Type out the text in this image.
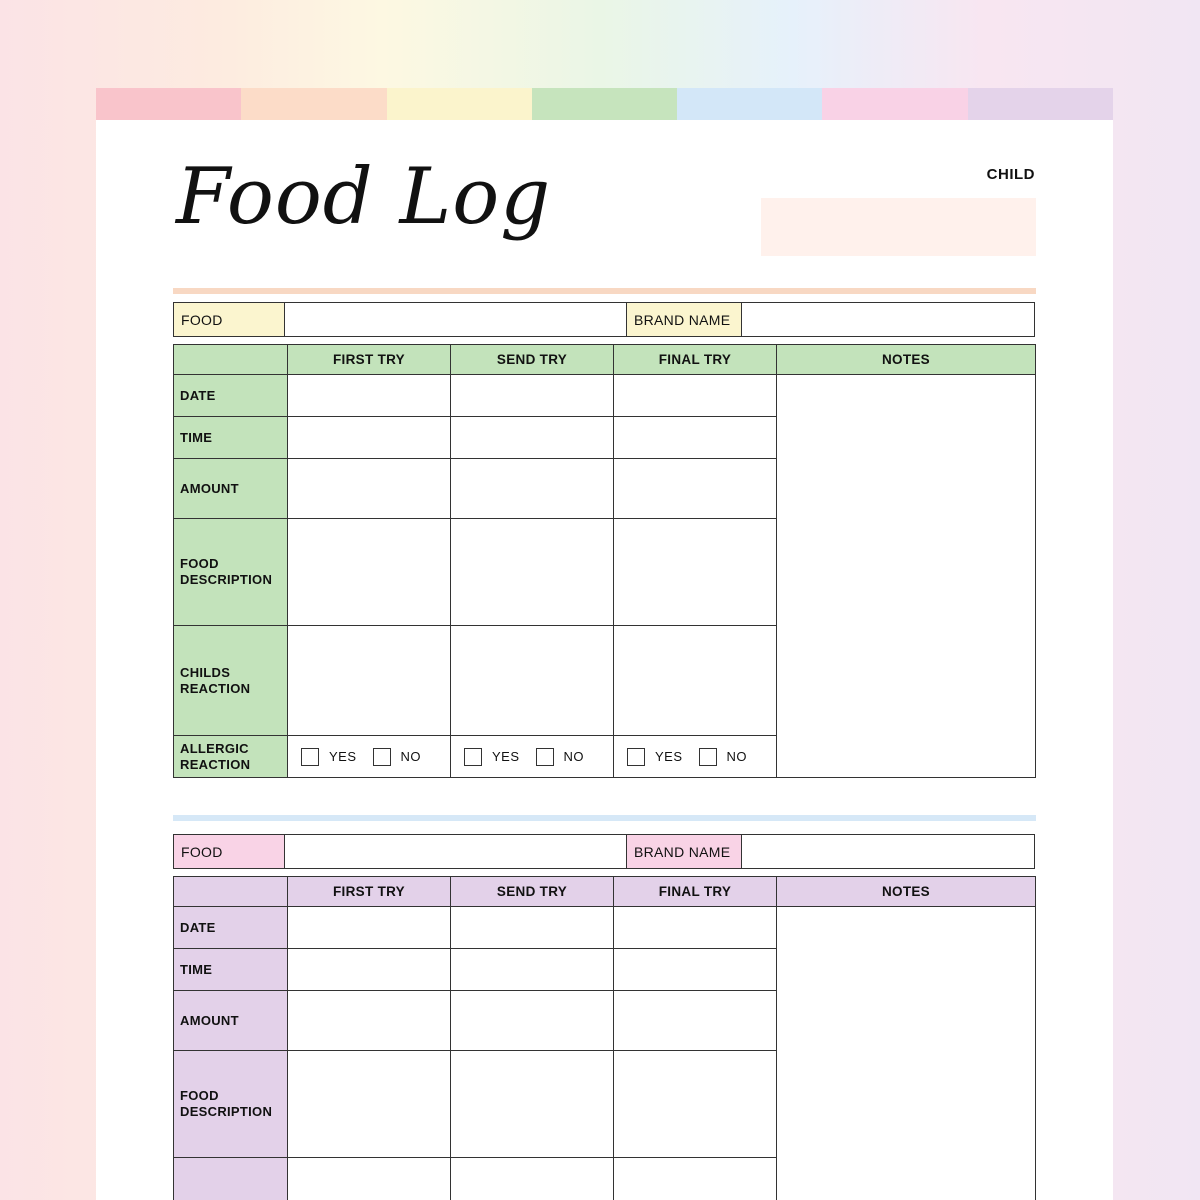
Food Log	CHILD
FOOD	BRAND NAME
	FIRST TRY	SEND TRY	FINAL TRY	NOTES
DATE				
TIME				
AMOUNT				

FOOD DESCRIPTION				

CHILDS REACTION				

ALLERGIC REACTION	YES NO	YES NO	YES NO	
FOOD	BRAND NAME
	FIRST TRY	SEND TRY	FINAL TRY	NOTES
DATE				
TIME				
AMOUNT				

FOOD DESCRIPTION				
